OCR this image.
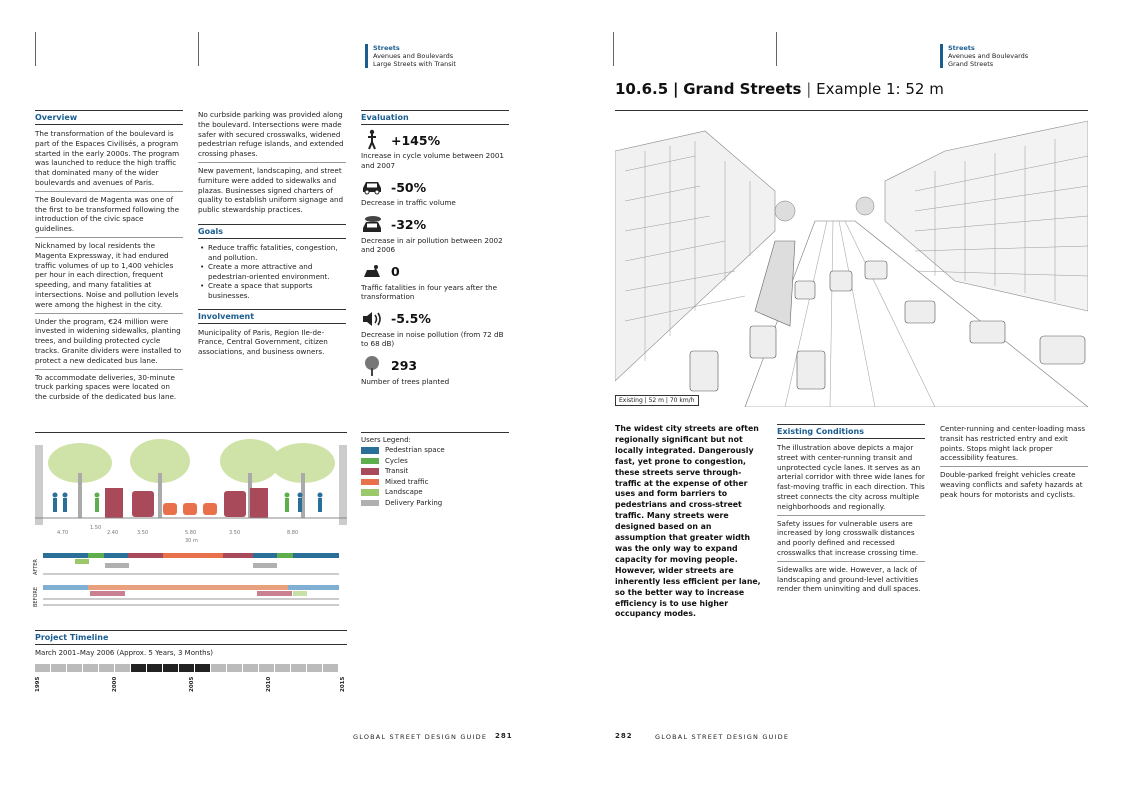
Streets
Avenues and Boulevards
Large Streets with Transit
Overview

The transformation of the boulevard is part of the Espaces Civilisés, a program started in the early 2000s. The program was launched to reduce the high traffic that dominated many of the wider boulevards and avenues of Paris.

The Boulevard de Magenta was one of the first to be transformed following the introduction of the civic space guidelines.

Nicknamed by local residents the Magenta Expressway, it had endured traffic volumes of up to 1,400 vehicles per hour in each direction, frequent speeding, and many fatalities at intersections. Noise and pollution levels were among the highest in the city.

Under the program, €24 million were invested in widening sidewalks, planting trees, and building protected cycle tracks. Granite dividers were installed to protect a new dedicated bus lane.

To accommodate deliveries, 30-minute truck parking spaces were located on the curbside of the dedicated bus lane.

No curbside parking was provided along the boulevard. Intersections were made safer with secured crosswalks, widened pedestrian refuge islands, and extended crossing phases.

New pavement, landscaping, and street furniture were added to sidewalks and plazas. Businesses signed charters of quality to establish uniform signage and public stewardship practices.

Goals
• Reduce traffic fatalities, congestion, and pollution.
• Create a more attractive and pedestrian-oriented environment.
• Create a space that supports businesses.
Involvement
Municipality of Paris, Region Ile-de-France, Central Government, citizen associations, and business owners.
Evaluation
+145%
Increase in cycle volume between 2001 and 2007
-50%
Decrease in traffic volume
-32%
Decrease in air pollution between 2002 and 2006
0
Traffic fatalities in four years after the transformation
-5.5%
Decrease in noise pollution (from 72 dB to 68 dB)
293
Number of trees planted
4.70
1.50
2.40	3.50	5.80	3.50	8.80
30 m
AFTER
BEFORE
Users Legend:
Pedestrian space
Cycles
Transit
Mixed traffic
Landscape
Delivery Parking
Project Timeline
March 2001–May 2006 (Approx. 5 Years, 3 Months)
1995	2000	2005	2010	2015
GLOBAL STREET DESIGN GUIDE 281
Streets
Avenues and Boulevards
Grand Streets
10.6.5 | Grand Streets | Example 1: 52 m
Existing | 52 m | 70 km/h
The widest city streets are often regionally significant but not locally integrated. Dangerously fast, yet prone to congestion, these streets serve through-traffic at the expense of other uses and form barriers to pedestrians and cross-street traffic. Many streets were designed based on an assumption that greater width was the only way to expand capacity for moving people. However, wider streets are inherently less efficient per lane, so the better way to increase efficiency is to use higher occupancy modes.
Existing Conditions

The illustration above depicts a major street with center-running transit and unprotected cycle lanes. It serves as an arterial corridor with three wide lanes for fast-moving traffic in each direction. This street connects the city across multiple neighborhoods and regionally.

Safety issues for vulnerable users are increased by long crosswalk distances and poorly defined and recessed crosswalks that increase crossing time.

Sidewalks are wide. However, a lack of landscaping and ground-level activities render them uninviting and dull spaces.

Center-running and center-loading mass transit has restricted entry and exit points. Stops might lack proper accessibility features.

Double-parked freight vehicles create weaving conflicts and safety hazards at peak hours for motorists and cyclists.

282	GLOBAL STREET DESIGN GUIDE
